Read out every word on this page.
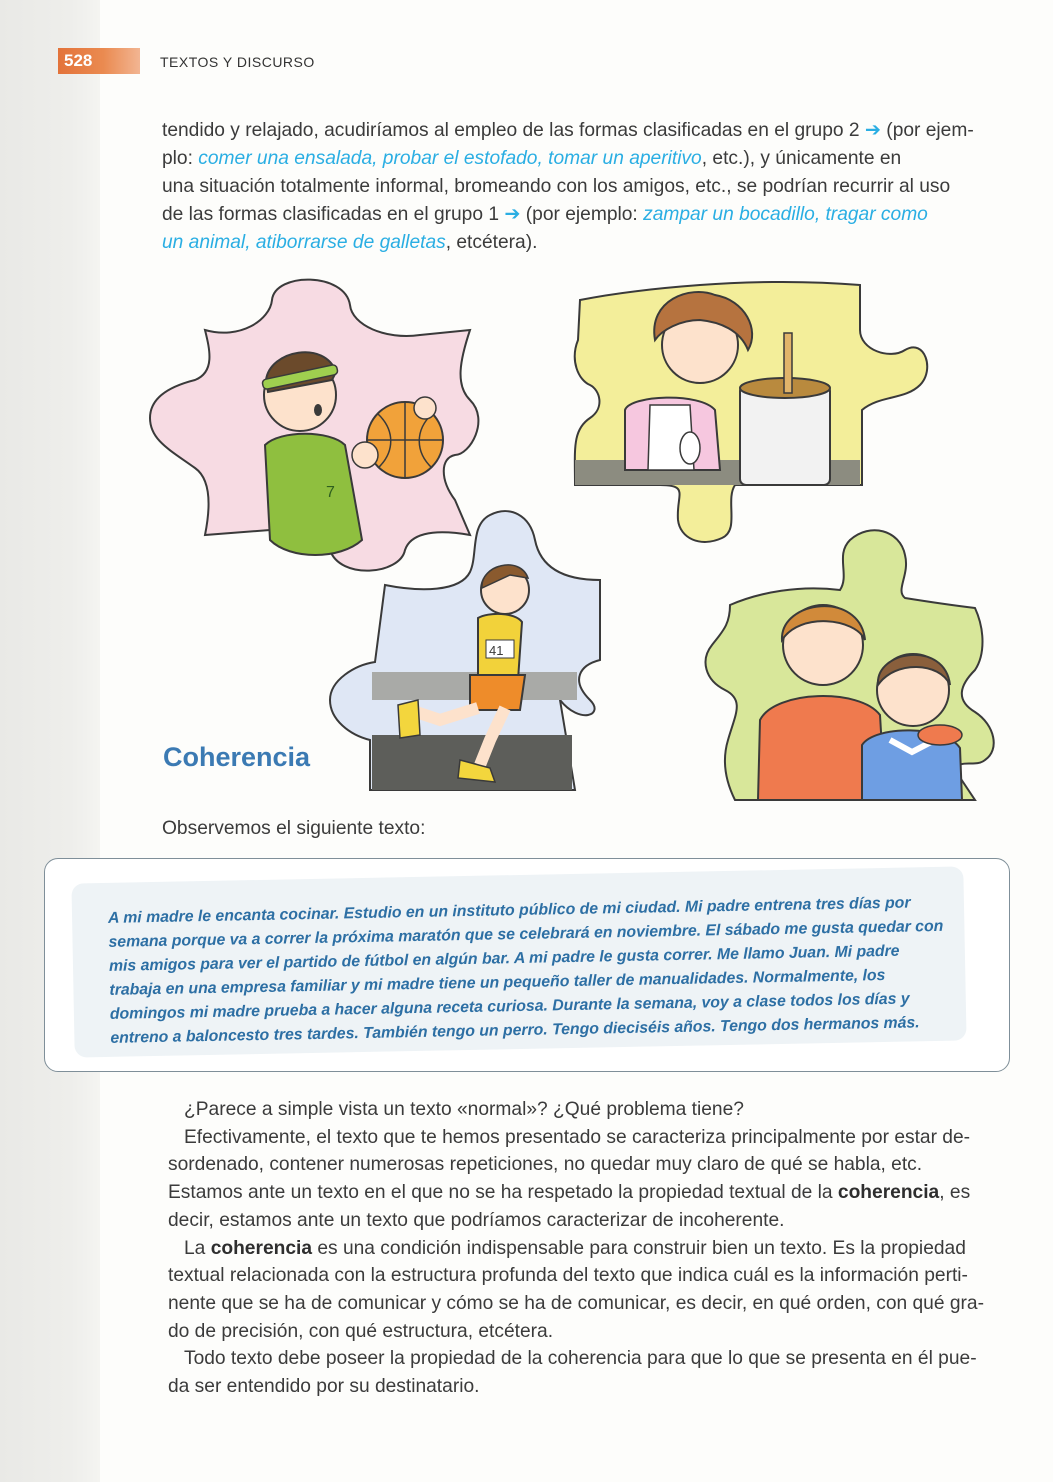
528	TEXTOS Y DISCURSO

tendido y relajado, acudiríamos al empleo de las formas clasificadas en el grupo 2 ➔ (por ejem-

plo: comer una ensalada, probar el estofado, tomar un aperitivo, etc.), y únicamente en

una situación totalmente informal, bromeando con los amigos, etc., se podrían recurrir al uso

de las formas clasificadas en el grupo 1 ➔ (por ejemplo: zampar un bocadillo, tragar como

un animal, atiborrarse de galletas, etcétera).

7
41
Coherencia
Observemos el siguiente texto:

A mi madre le encanta cocinar. Estudio en un instituto público de mi ciudad. Mi padre entrena tres días por
semana porque va a correr la próxima maratón que se celebrará en noviembre. El sábado me gusta quedar con
mis amigos para ver el partido de fútbol en algún bar. A mi padre le gusta correr. Me llamo Juan. Mi padre
trabaja en una empresa familiar y mi madre tiene un pequeño taller de manualidades. Normalmente, los
domingos mi madre prueba a hacer alguna receta curiosa. Durante la semana, voy a clase todos los días y
entreno a baloncesto tres tardes. También tengo un perro. Tengo dieciséis años. Tengo dos hermanos más.

¿Parece a simple vista un texto «normal»? ¿Qué problema tiene?

Efectivamente, el texto que te hemos presentado se caracteriza principalmente por estar de-

sordenado, contener numerosas repeticiones, no quedar muy claro de qué se habla, etc.

Estamos ante un texto en el que no se ha respetado la propiedad textual de la coherencia, es

decir, estamos ante un texto que podríamos caracterizar de incoherente.

La coherencia es una condición indispensable para construir bien un texto. Es la propiedad

textual relacionada con la estructura profunda del texto que indica cuál es la información perti-

nente que se ha de comunicar y cómo se ha de comunicar, es decir, en qué orden, con qué gra-

do de precisión, con qué estructura, etcétera.

Todo texto debe poseer la propiedad de la coherencia para que lo que se presenta en él pue-

da ser entendido por su destinatario.
